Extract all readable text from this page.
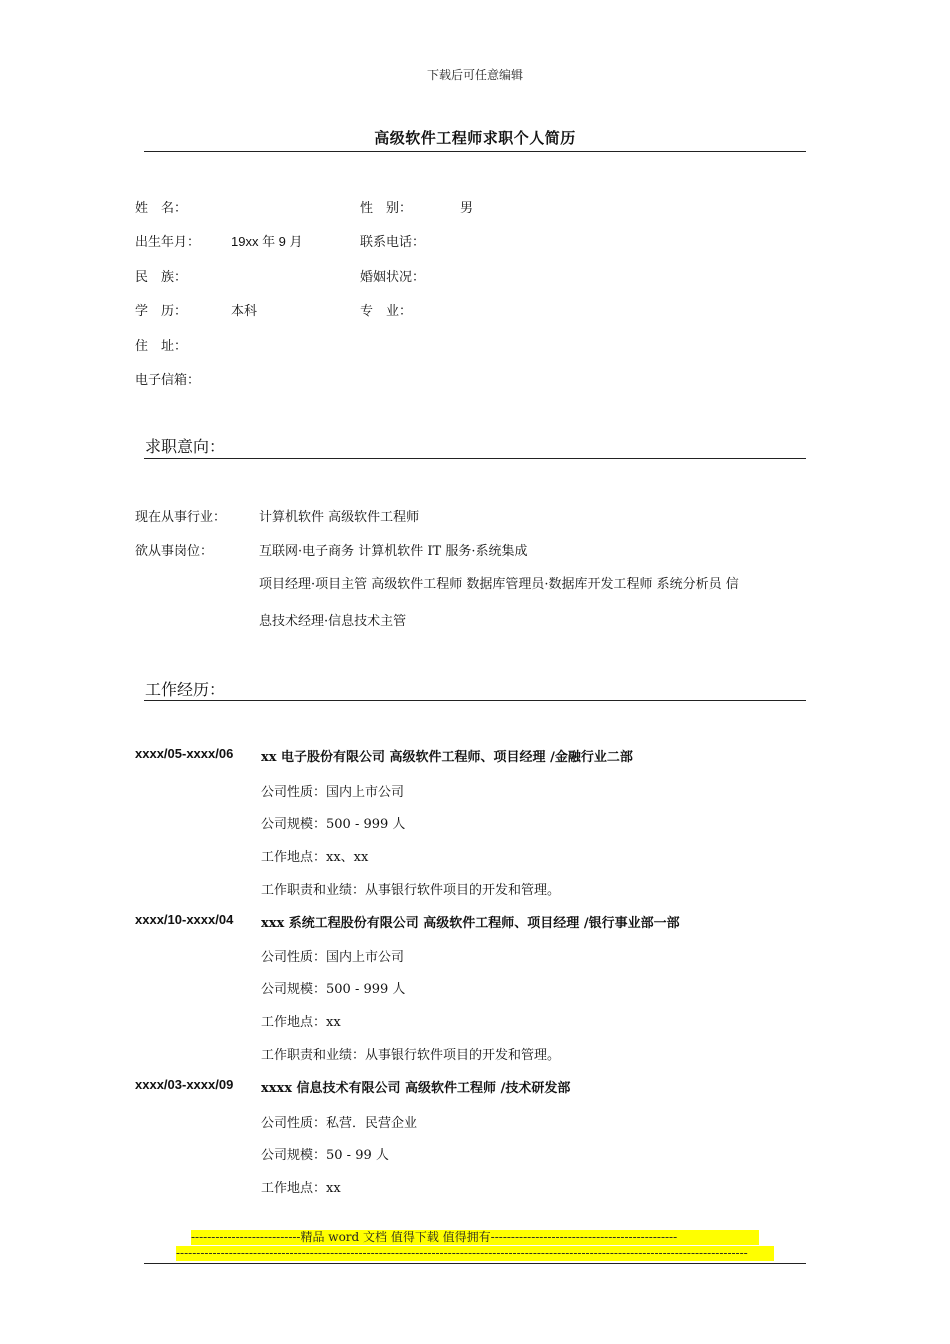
下载后可任意编辑
高级软件工程师求职个人简历
姓　名：	性　别：	男
出生年月： 19xx 年 9 月	联系电话：
民　族：	婚姻状况：
学　历：	本科	专　业：
住　址：
电子信箱：
求职意向：
现在从事行业：	计算机软件 高级软件工程师
欲从事岗位：	互联网·电子商务 计算机软件 IT 服务·系统集成
项目经理·项目主管 高级软件工程师 数据库管理员·数据库开发工程师 系统分析员 信
息技术经理·信息技术主管
工作经历：
xxxx/05-xxxx/06 xx 电子股份有限公司 高级软件工程师、项目经理 /金融行业二部
公司性质：国内上市公司
公司规模：500 - 999 人
工作地点：xx、xx
工作职责和业绩：从事银行软件项目的开发和管理。
xxxx/10-xxxx/04 xxx 系统工程股份有限公司 高级软件工程师、项目经理 /银行事业部一部
公司性质：国内上市公司
公司规模：500 - 999 人
工作地点：xx
工作职责和业绩：从事银行软件项目的开发和管理。
xxxx/03-xxxx/09 xxxx 信息技术有限公司 高级软件工程师 /技术研发部
公司性质：私营．民营企业
公司规模：50 - 99 人
工作地点：xx
---------------------------精品 word 文档 值得下载 值得拥有----------------------------------------------
---------------------------------------------------------------------------------------------------------------------------------------------
